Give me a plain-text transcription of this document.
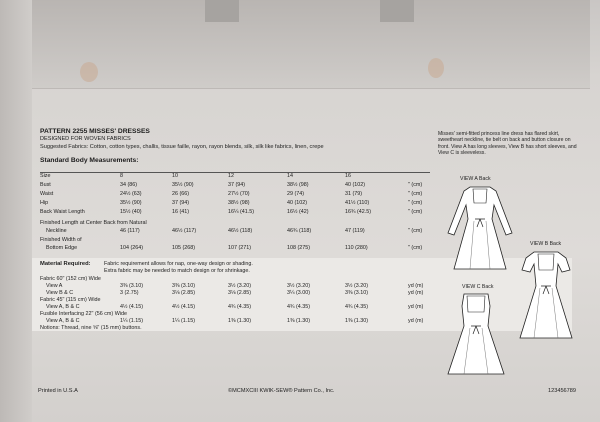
PATTERN 2255 MISSES' DRESSES
DESIGNED FOR WOVEN FABRICS
Suggested Fabrics: Cotton, cotton types, challis, tissue faille, rayon, rayon blends, silk, silk like fabrics, linen, crepe
Standard Body Measurements:
Size	8	10	12	14	16
Bust	34 (86)	35½ (90)	37 (94)	38½ (98)	40 (102)	" (cm)
Waist	24½ (63)	26 (66)	27½ (70)	29 (74)	31 (79)	" (cm)
Hip	35½ (90)	37 (94)	38½ (98)	40 (102)	41½ (110)	" (cm)
Back Waist Length	15½ (40)	16 (41)	16¼ (41.5)	16½ (42)	16¾ (42.5)	" (cm)
Finished Length at Center Back from Natural
Neckline	46 (117)	46½ (117)	46½ (118)	46¾ (118)	47 (119)	" (cm)
Finished Width of
Bottom Edge	104 (264)	105 (268)	107 (271)	108 (275)	110 (280)	" (cm)
Material Required: Fabric requirement allows for nap, one-way design or shading.
Extra fabric may be needed to match design or for shrinkage.
Fabric 60" (152 cm) Wide
View A	3⅜ (3.10)	3⅜ (3.10)	3½ (3.20)	3½ (3.20)	3½ (3.20)	yd (m)
View B & C	3 (2.75)	3⅛ (2.85)	3⅛ (2.85)	3¼ (3.00)	3⅜ (3.10)	yd (m)
Fabric 45" (115 cm) Wide
View A, B & C	4½ (4.15)	4½ (4.15)	4¾ (4.35)	4¾ (4.35)	4¾ (4.35)	yd (m)
Fusible Interfacing 22" (56 cm) Wide
View A, B & C	1¼ (1.15)	1¼ (1.15)	1⅜ (1.30)	1⅜ (1.30)	1⅜ (1.30)	yd (m)
Notions: Thread, nine ⅝" (15 mm) buttons.
Misses' semi-fitted princess line dress has flared skirt, sweetheart neckline, tie belt on back and button closure on front. View A has long sleeves, View B has short sleeves, and View C is sleeveless.
VIEW A Back
VIEW B Back
VIEW C Back
Printed in U.S.A	©MCMXCIII KWIK-SEW® Pattern Co., Inc.	123456789
